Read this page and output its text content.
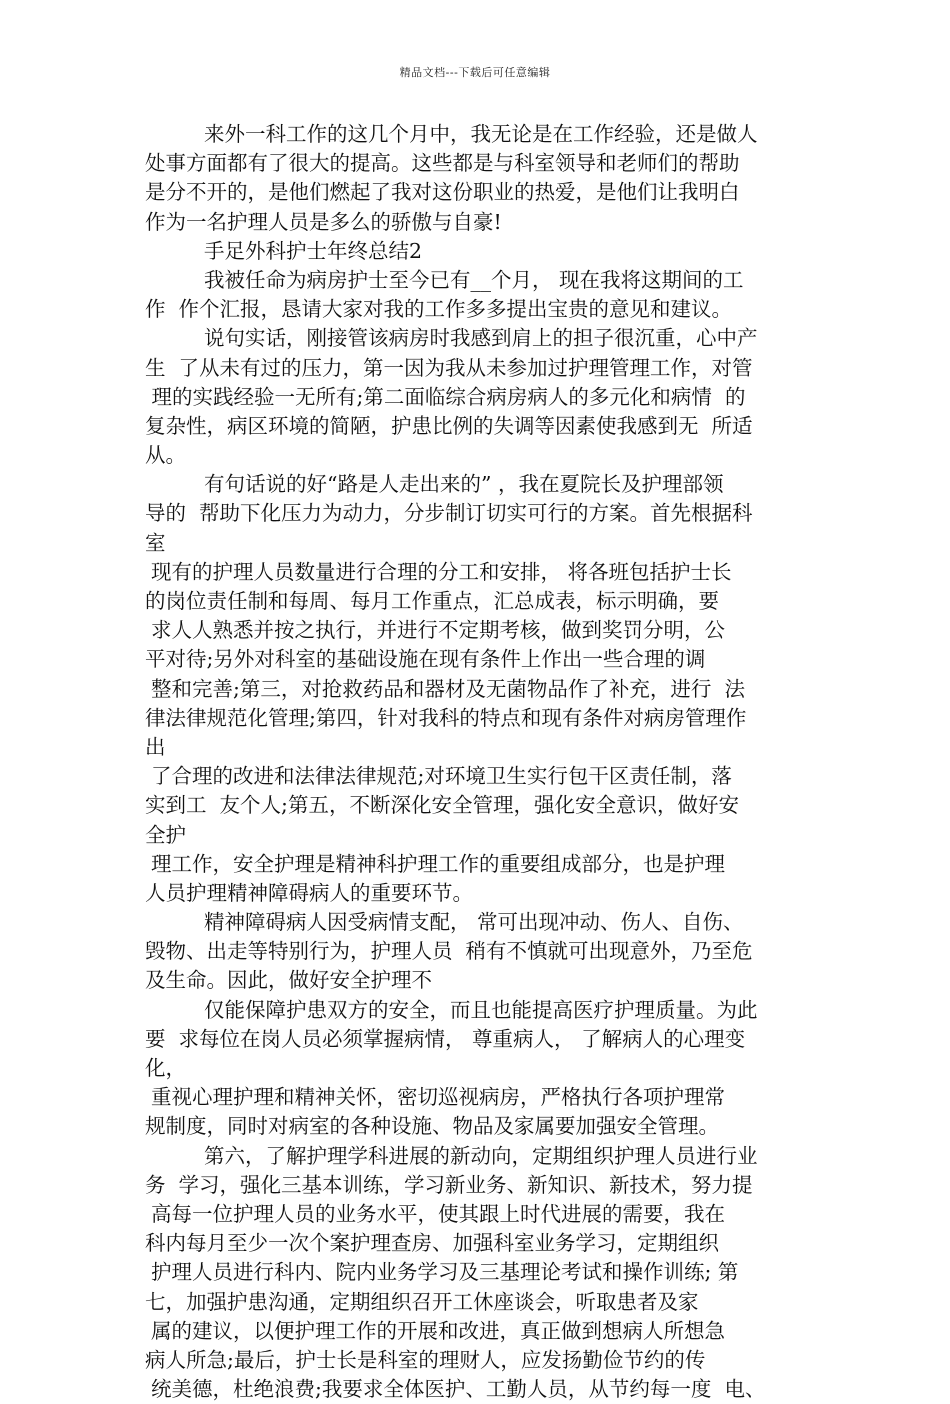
精品文档---下载后可任意编辑
来外一科工作的这几个月中，我无论是在工作经验，还是做人
处事方面都有了很大的提高。这些都是与科室领导和老师们的帮助
是分不开的，是他们燃起了我对这份职业的热爱，是他们让我明白
作为一名护理人员是多么的骄傲与自豪!
手足外科护士年终总结2
我被任命为病房护士至今已有__个月， 现在我将这期间的工
作  作个汇报，恳请大家对我的工作多多提出宝贵的意见和建议。
说句实话，刚接管该病房时我感到肩上的担子很沉重，心中产
生  了从未有过的压力，第一因为我从未参加过护理管理工作，对管
理的实践经验一无所有;第二面临综合病房病人的多元化和病情  的
复杂性，病区环境的简陋，护患比例的失调等因素使我感到无  所适
从。
有句话说的好“路是人走出来的” ，我在夏院长及护理部领
导的  帮助下化压力为动力，分步制订切实可行的方案。首先根据科
室
现有的护理人员数量进行合理的分工和安排， 将各班包括护士长
的岗位责任制和每周、每月工作重点，汇总成表，标示明确，要
求人人熟悉并按之执行，并进行不定期考核，做到奖罚分明，公
平对待;另外对科室的基础设施在现有条件上作出一些合理的调
整和完善;第三，对抢救药品和器材及无菌物品作了补充，进行  法
律法律规范化管理;第四，针对我科的特点和现有条件对病房管理作
出
了合理的改进和法律法律规范;对环境卫生实行包干区责任制，落
实到工  友个人;第五，不断深化安全管理，强化安全意识，做好安
全护
理工作，安全护理是精神科护理工作的重要组成部分，也是护理
人员护理精神障碍病人的重要环节。
精神障碍病人因受病情支配， 常可出现冲动、伤人、自伤、
毁物、出走等特别行为，护理人员  稍有不慎就可出现意外，乃至危
及生命。因此，做好安全护理不
仅能保障护患双方的安全，而且也能提高医疗护理质量。为此
要  求每位在岗人员必须掌握病情， 尊重病人， 了解病人的心理变
化，
重视心理护理和精神关怀，密切巡视病房，严格执行各项护理常
规制度，同时对病室的各种设施、物品及家属要加强安全管理。
第六，了解护理学科进展的新动向，定期组织护理人员进行业
务  学习，强化三基本训练，学习新业务、新知识、新技术，努力提
高每一位护理人员的业务水平，使其跟上时代进展的需要，我在
科内每月至少一次个案护理查房、加强科室业务学习，定期组织
护理人员进行科内、院内业务学习及三基理论考试和操作训练; 第
七，加强护患沟通，定期组织召开工休座谈会，听取患者及家
属的建议，以便护理工作的开展和改进，真正做到想病人所想急
病人所急;最后，护士长是科室的理财人，应发扬勤俭节约的传
统美德，杜绝浪费;我要求全体医护、工勤人员，从节约每一度  电、
